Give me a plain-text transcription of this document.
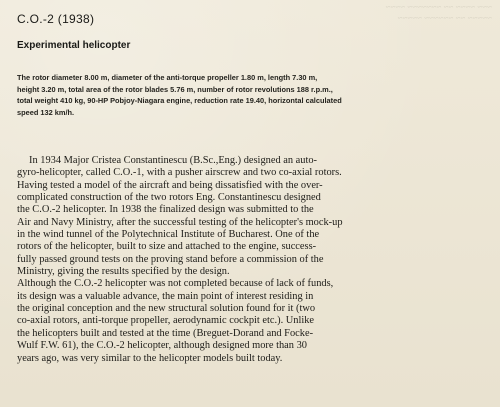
~~~ ~~~~ ~~ ~~~~~~~ ~~~~
~~~~~ ~~ ~~~~~~ ~~~~~
C.O.-2 (1938)
Experimental helicopter

The rotor diameter 8.00 m, diameter of the anti-torque propeller 1.80 m, length 7.30 m,
height 3.20 m, total area of the rotor blades 5.76 m, number of rotor revolutions 188 r.p.m.,
total weight 410 kg, 90-HP Pobjoy-Niagara engine, reduction rate 19.40, horizontal calculated
speed 132 km/h.

In 1934 Major Cristea Constantinescu (B.Sc.,Eng.) designed an auto-
gyro-helicopter, called C.O.-1, with a pusher airscrew and two co-axial rotors.
Having tested a model of the aircraft and being dissatisfied with the over-
complicated construction of the two rotors Eng. Constantinescu designed
the C.O.-2 helicopter. In 1938 the finalized design was submitted to the
Air and Navy Ministry, after the successful testing of the helicopter's mock-up
in the wind tunnel of the Polytechnical Institute of Bucharest. One of the
rotors of the helicopter, built to size and attached to the engine, success-
fully passed ground tests on the proving stand before a commission of the
Ministry, giving the results specified by the design.
Although the C.O.-2 helicopter was not completed because of lack of funds,
its design was a valuable advance, the main point of interest residing in
the original conception and the new structural solution found for it (two
co-axial rotors, anti-torque propeller, aerodynamic cockpit etc.). Unlike
the helicopters built and tested at the time (Breguet-Dorand and Focke-
Wulf F.W. 61), the C.O.-2 helicopter, although designed more than 30
years ago, was very similar to the helicopter models built today.
